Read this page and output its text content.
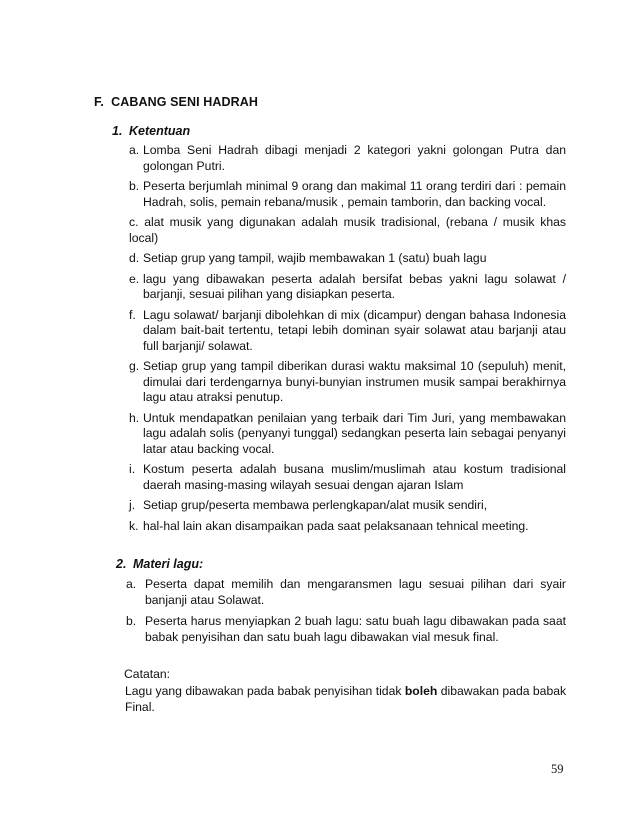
F. CABANG SENI HADRAH
1. Ketentuan
a. Lomba Seni Hadrah dibagi menjadi 2 kategori yakni golongan Putra dan golongan Putri.
b. Peserta berjumlah minimal 9 orang dan makimal 11 orang terdiri dari : pemain Hadrah, solis, pemain rebana/musik , pemain tamborin, dan backing vocal.
c. alat musik yang digunakan adalah musik tradisional, (rebana / musik khas local)
d. Setiap grup yang tampil, wajib membawakan 1 (satu) buah lagu
e. lagu yang dibawakan peserta adalah bersifat bebas yakni lagu solawat / barjanji, sesuai pilihan yang disiapkan peserta.
f. Lagu solawat/ barjanji dibolehkan di mix (dicampur) dengan bahasa Indonesia dalam bait-bait tertentu, tetapi lebih dominan syair solawat atau barjanji atau full barjanji/ solawat.
g. Setiap grup yang tampil diberikan durasi waktu maksimal 10 (sepuluh) menit, dimulai dari terdengarnya bunyi-bunyian instrumen musik sampai berakhirnya lagu atau atraksi penutup.
h. Untuk mendapatkan penilaian yang terbaik dari Tim Juri, yang membawakan lagu adalah solis (penyanyi tunggal) sedangkan peserta lain sebagai penyanyi latar atau backing vocal.
i. Kostum peserta adalah busana muslim/muslimah atau kostum tradisional daerah masing-masing wilayah sesuai dengan ajaran Islam
j. Setiap grup/peserta membawa perlengkapan/alat musik sendiri,
k. hal-hal lain akan disampaikan pada saat pelaksanaan tehnical meeting.
2. Materi lagu:
a. Peserta dapat memilih dan mengaransmen lagu sesuai pilihan dari syair banjanji atau Solawat.
b. Peserta harus menyiapkan 2 buah lagu: satu buah lagu dibawakan pada saat babak penyisihan dan satu buah lagu dibawakan vial mesuk final.
Catatan:
Lagu yang dibawakan pada babak penyisihan tidak boleh dibawakan pada babak Final.
59
